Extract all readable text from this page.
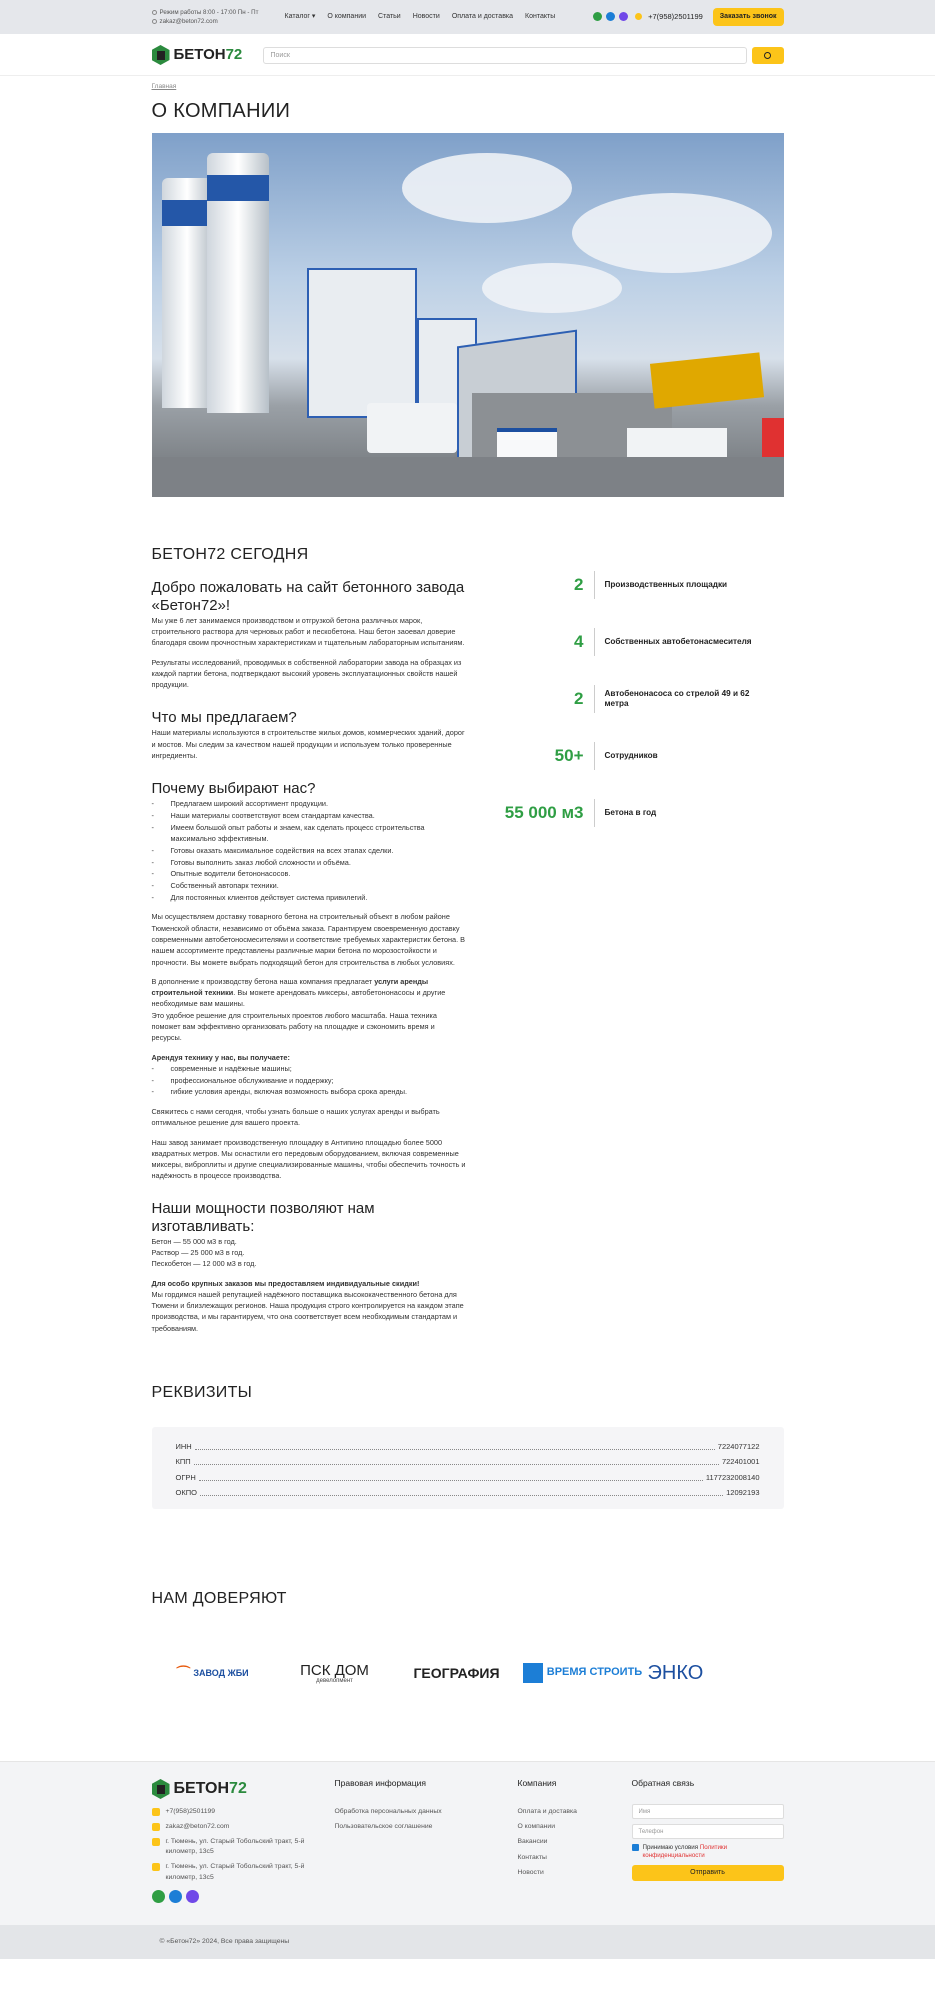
Режим работы 8:00 - 17:00 Пн - Пт
zakaz@beton72.com
Каталог ▾ О компании Статьи Новости Оплата и доставка Контакты	+7(958)2501199	Заказать звонок
БЕТОН72	Поиск
Главная
О КОМПАНИИ
БЕТОН72 СЕГОДНЯ
Добро пожаловать на сайт бетонного завода «Бетон72»!

Мы уже 6 лет занимаемся производством и отгрузкой бетона различных марок, строительного раствора для черновых работ и пескобетона. Наш бетон заоевал доверие благодаря своим прочностным характеристикам и тщательным лабораторным испытаниям.

Результаты исследований, проводимых в собственной лаборатории завода на образцах из каждой партии бетона, подтверждают высокий уровень эксплуатационных свойств нашей продукции.

Что мы предлагаем?

Наши материалы используются в строительстве жилых домов, коммерческих зданий, дорог и мостов. Мы следим за качеством нашей продукции и используем только проверенные ингредиенты.

Почему выбирают нас?
- Предлагаем широкий ассортимент продукции.
- Наши материалы соответствуют всем стандартам качества.
- Имеем большой опыт работы и знаем, как сделать процесс строительства максимально эффективным.
- Готовы оказать максимальное содействия на всех этапах сделки.
- Готовы выполнить заказ любой сложности и объёма.
- Опытные водители бетононасосов.
- Собственный автопарк техники.
- Для постоянных клиентов действует система привилегий.

Мы осуществляем доставку товарного бетона на строительный объект в любом районе Тюменской области, независимо от объёма заказа. Гарантируем своевременную доставку современными автобетоносмесителями и соответствие требуемых характеристик бетона. В нашем ассортименте представлены различные марки бетона по морозостойкости и прочности. Вы можете выбрать подходящий бетон для строительства в любых условиях.

В дополнение к производству бетона наша компания предлагает услуги аренды строительной техники. Вы можете арендовать миксеры, автобетононасосы и другие необходимые вам машины.

Это удобное решение для строительных проектов любого масштаба. Наша техника поможет вам эффективно организовать работу на площадке и сэкономить время и ресурсы.

Арендуя технику у нас, вы получаете:

- современные и надёжные машины;
- профессиональное обслуживание и поддержку;
- гибкие условия аренды, включая возможность выбора срока аренды.

Свяжитесь с нами сегодня, чтобы узнать больше о наших услугах аренды и выбрать оптимальное решение для вашего проекта.

Наш завод занимает производственную площадку в Антипино площадью более 5000 квадратных метров. Мы оснастили его передовым оборудованием, включая современные миксеры, виброплиты и другие специализированные машины, чтобы обеспечить точность и надёжность в процессе производства.

Наши мощности позволяют нам изготавливать:

Бетон — 55 000 м3 в год.

Раствор — 25 000 м3 в год.

Пескобетон — 12 000 м3 в год.

Для особо крупных заказов мы предоставляем индивидуальные скидки!

Мы гордимся нашей репутацией надёжного поставщика высококачественного бетона для Тюмени и близлежащих регионов. Наша продукция строго контролируется на каждом этапе производства, и мы гарантируем, что она соответствует всем необходимым стандартам и требованиям.

2	Производственных площадки
4	Собственных автобетонасмесителя
2	Автобенонасоса со стрелой 49 и 62 метра
50+	Сотрудников
55 000 м3	Бетона в год
РЕКВИЗИТЫ
ИНН	7224077122
КПП	722401001
ОГРН	1177232008140
ОКПО	12092193
НАМ ДОВЕРЯЮТ
⌒ ЗАВОД ЖБИ	ПСК ДОМ
девелопмент	ГЕОГРАФИЯ	ВРЕМЯ СТРОИТЬ ЭНКО
БЕТОН72
+7(958)2501199
zakaz@beton72.com
г. Тюмень, ул. Старый Тобольский тракт, 5-й километр, 13с5
г. Тюмень, ул. Старый Тобольский тракт, 5-й километр, 13с5
Правовая информация
Обработка персональных данных
Пользовательское соглашение
Компания
Оплата и доставка
О компании
Вакансии
Контакты
Новости
Обратная связь
Имя
Телефон
Принимаю условия Политики конфиденциальности
Отправить
© «Бетон72» 2024, Все права защищены
